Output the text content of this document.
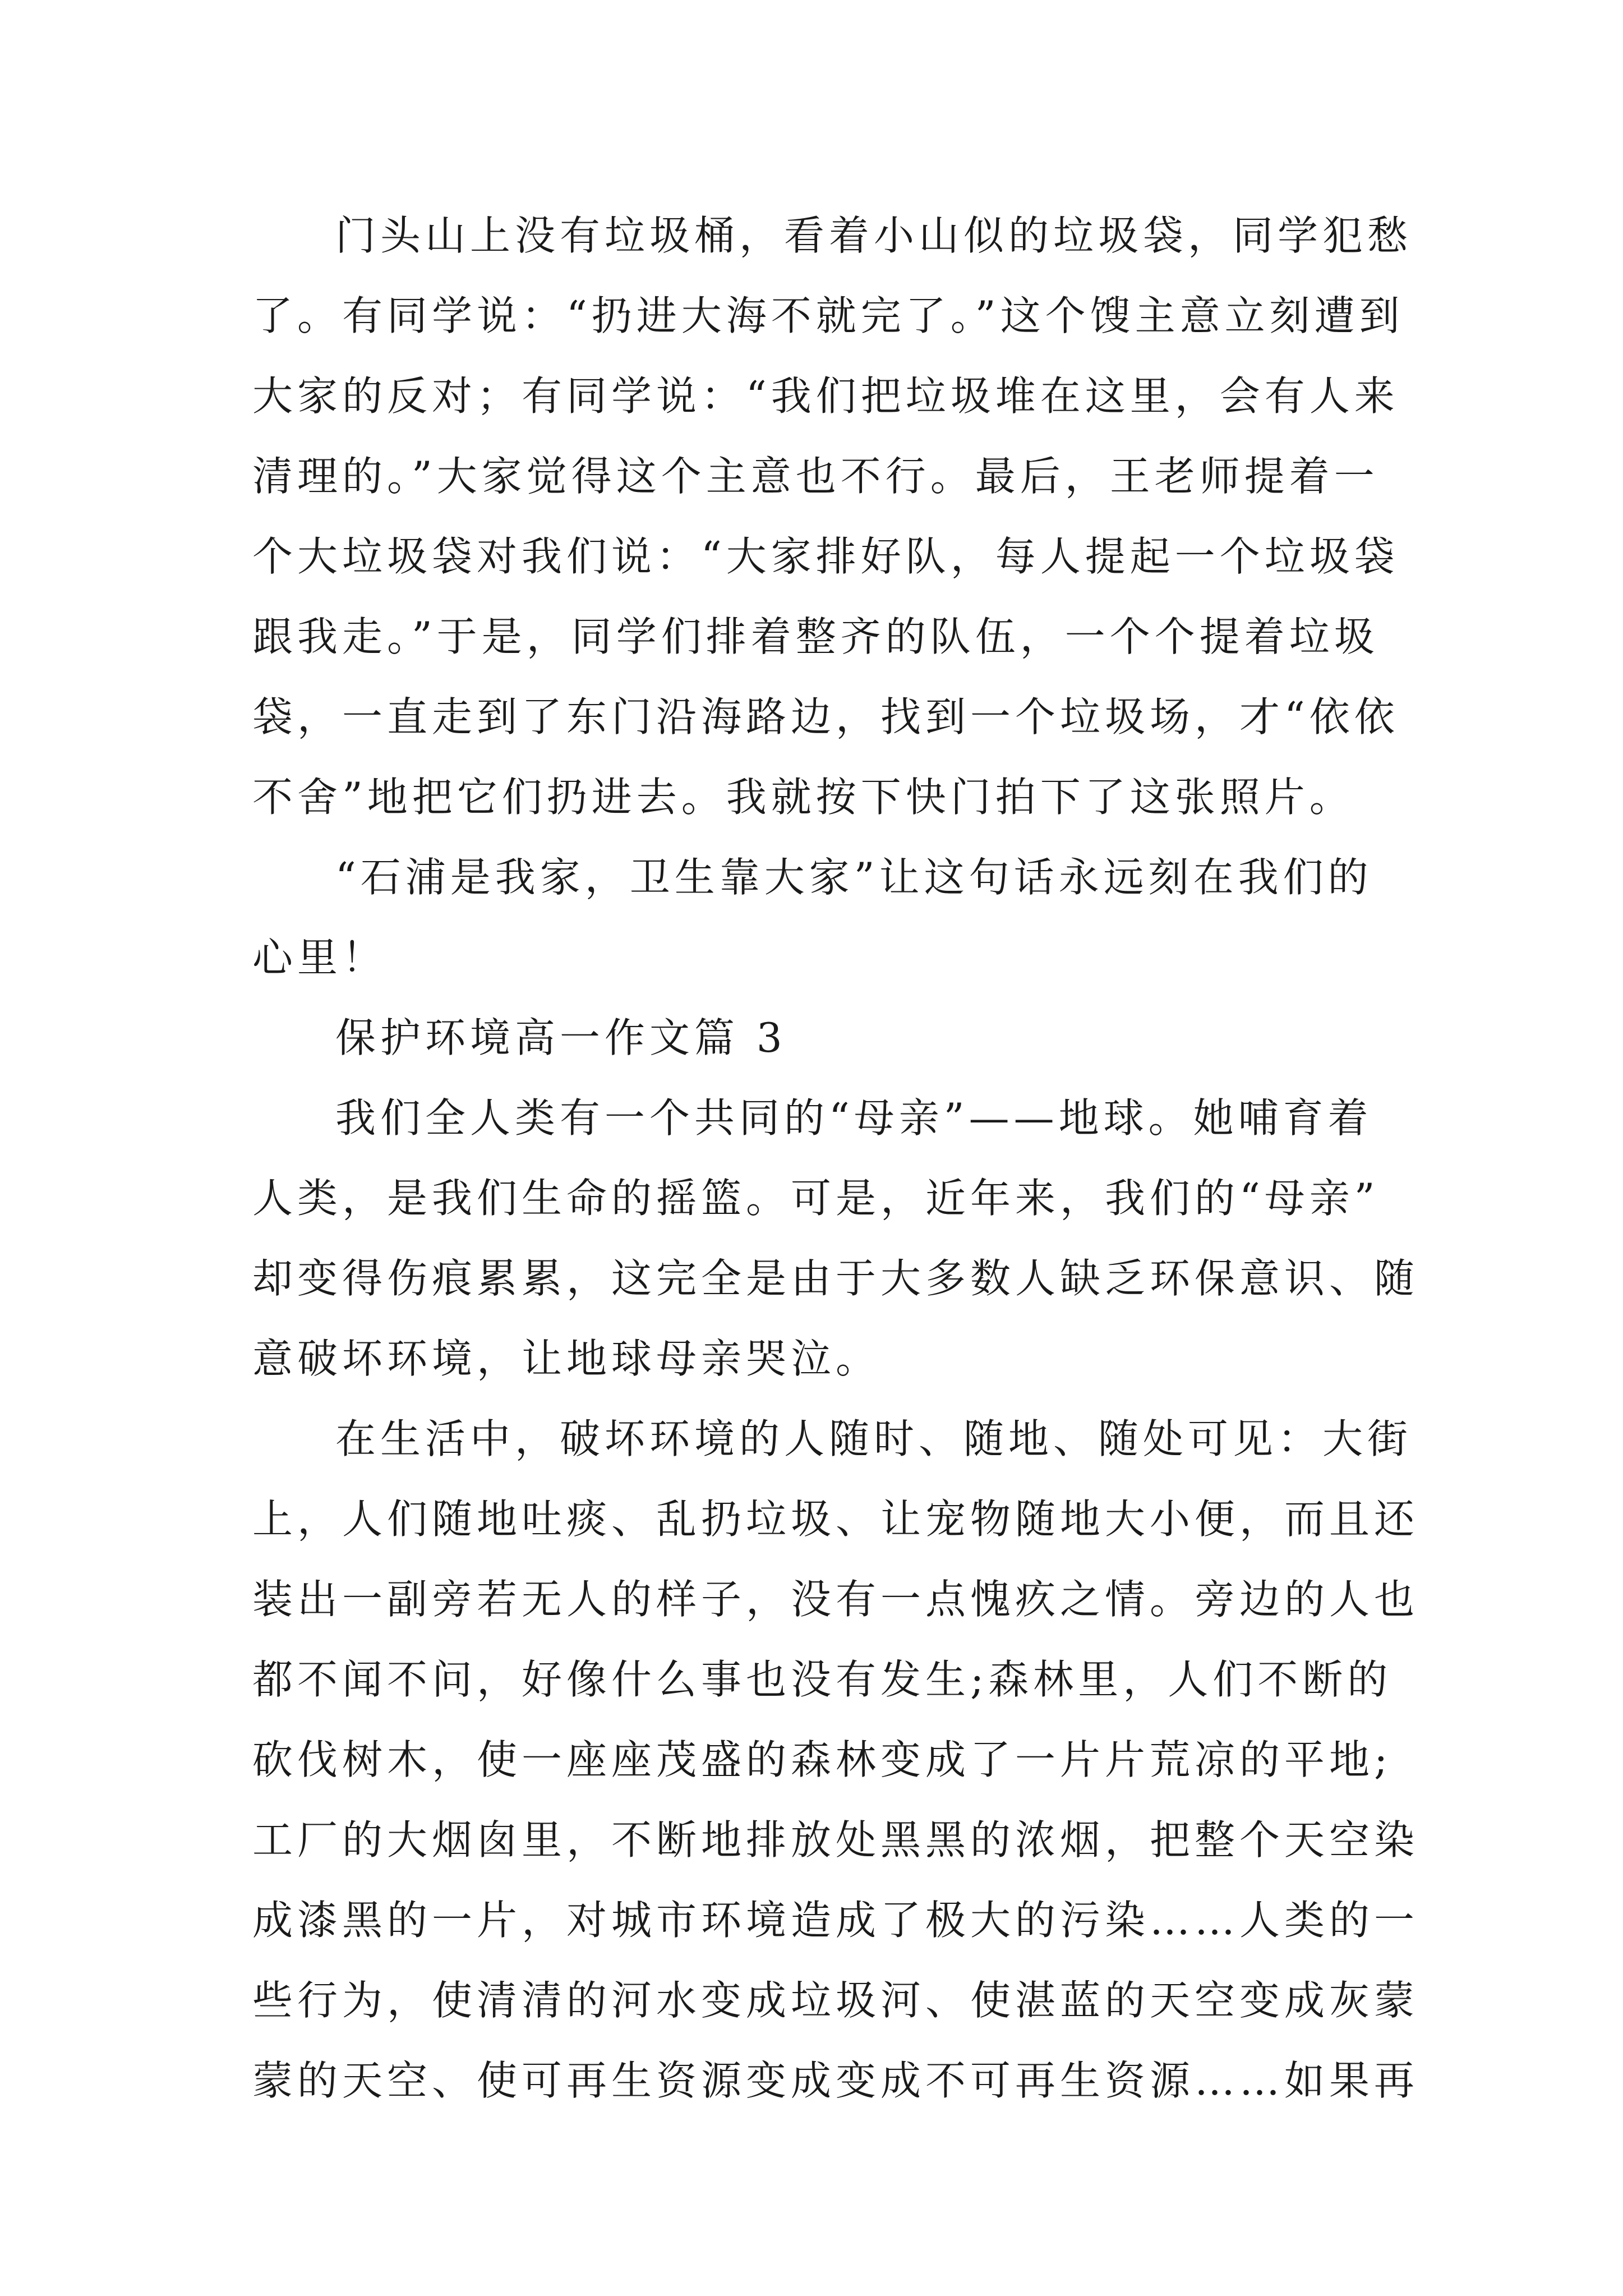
门头山上没有垃圾桶，看着小山似的垃圾袋，同学犯愁

了。有同学说：“扔进大海不就完了。”这个馊主意立刻遭到

大家的反对；有同学说：“我们把垃圾堆在这里，会有人来

清理的。”大家觉得这个主意也不行。最后，王老师提着一

个大垃圾袋对我们说：“大家排好队，每人提起一个垃圾袋

跟我走。”于是，同学们排着整齐的队伍，一个个提着垃圾

袋，一直走到了东门沿海路边，找到一个垃圾场，才“依依

不舍”地把它们扔进去。我就按下快门拍下了这张照片。

“石浦是我家，卫生靠大家”让这句话永远刻在我们的

心里！

保护环境高一作文篇 3

我们全人类有一个共同的“母亲”——地球。她哺育着

人类，是我们生命的摇篮。可是，近年来，我们的“母亲”

却变得伤痕累累，这完全是由于大多数人缺乏环保意识、随

意破坏环境，让地球母亲哭泣。

在生活中，破坏环境的人随时、随地、随处可见：大街

上，人们随地吐痰、乱扔垃圾、让宠物随地大小便，而且还

装出一副旁若无人的样子，没有一点愧疚之情。旁边的人也

都不闻不问，好像什么事也没有发生;森林里，人们不断的

砍伐树木，使一座座茂盛的森林变成了一片片荒凉的平地;

工厂的大烟囱里，不断地排放处黑黑的浓烟，把整个天空染

成漆黑的一片，对城市环境造成了极大的污染……人类的一

些行为，使清清的河水变成垃圾河、使湛蓝的天空变成灰蒙

蒙的天空、使可再生资源变成变成不可再生资源……如果再
